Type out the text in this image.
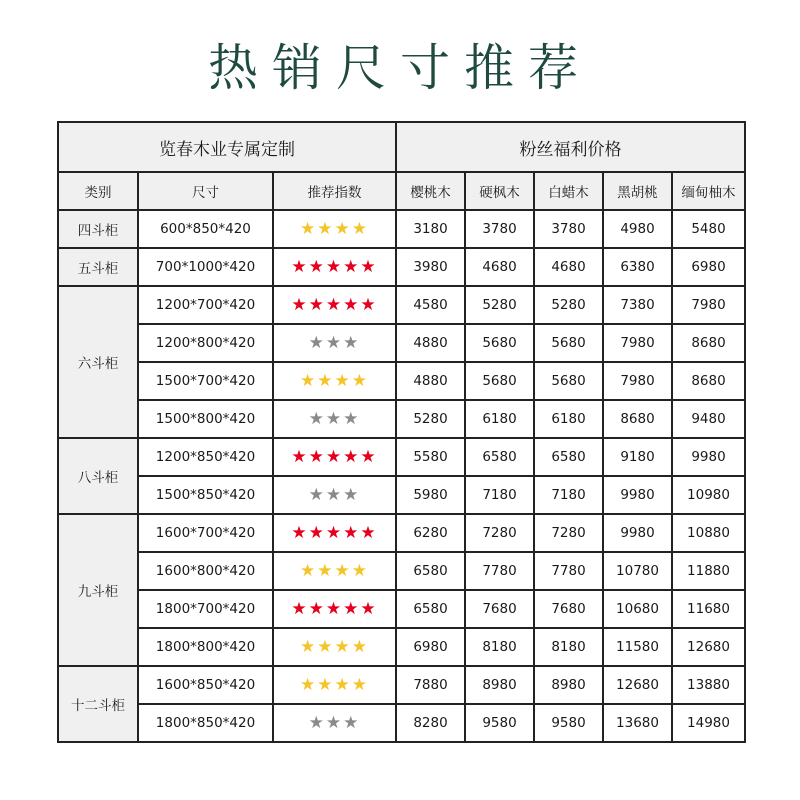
热销尺寸推荐
览春木业专属定制			粉丝福利价格				
类别	尺寸	推荐指数	樱桃木	硬枫木	白蜡木	黑胡桃	缅甸柚木
四斗柜	600*850*420	★★★★	3180	3780	3780	4980	5480
五斗柜	700*1000*420	★★★★★	3980	4680	4680	6380	6980
六斗柜	1200*700*420	★★★★★	4580	5280	5280	7380	7980
	1200*800*420	★★★	4880	5680	5680	7980	8680
	1500*700*420	★★★★	4880	5680	5680	7980	8680
	1500*800*420	★★★	5280	6180	6180	8680	9480
八斗柜	1200*850*420	★★★★★	5580	6580	6580	9180	9980
	1500*850*420	★★★	5980	7180	7180	9980	10980
九斗柜	1600*700*420	★★★★★	6280	7280	7280	9980	10880
	1600*800*420	★★★★	6580	7780	7780	10780	11880
	1800*700*420	★★★★★	6580	7680	7680	10680	11680
	1800*800*420	★★★★	6980	8180	8180	11580	12680
十二斗柜	1600*850*420	★★★★	7880	8980	8980	12680	13880
	1800*850*420	★★★	8280	9580	9580	13680	14980
